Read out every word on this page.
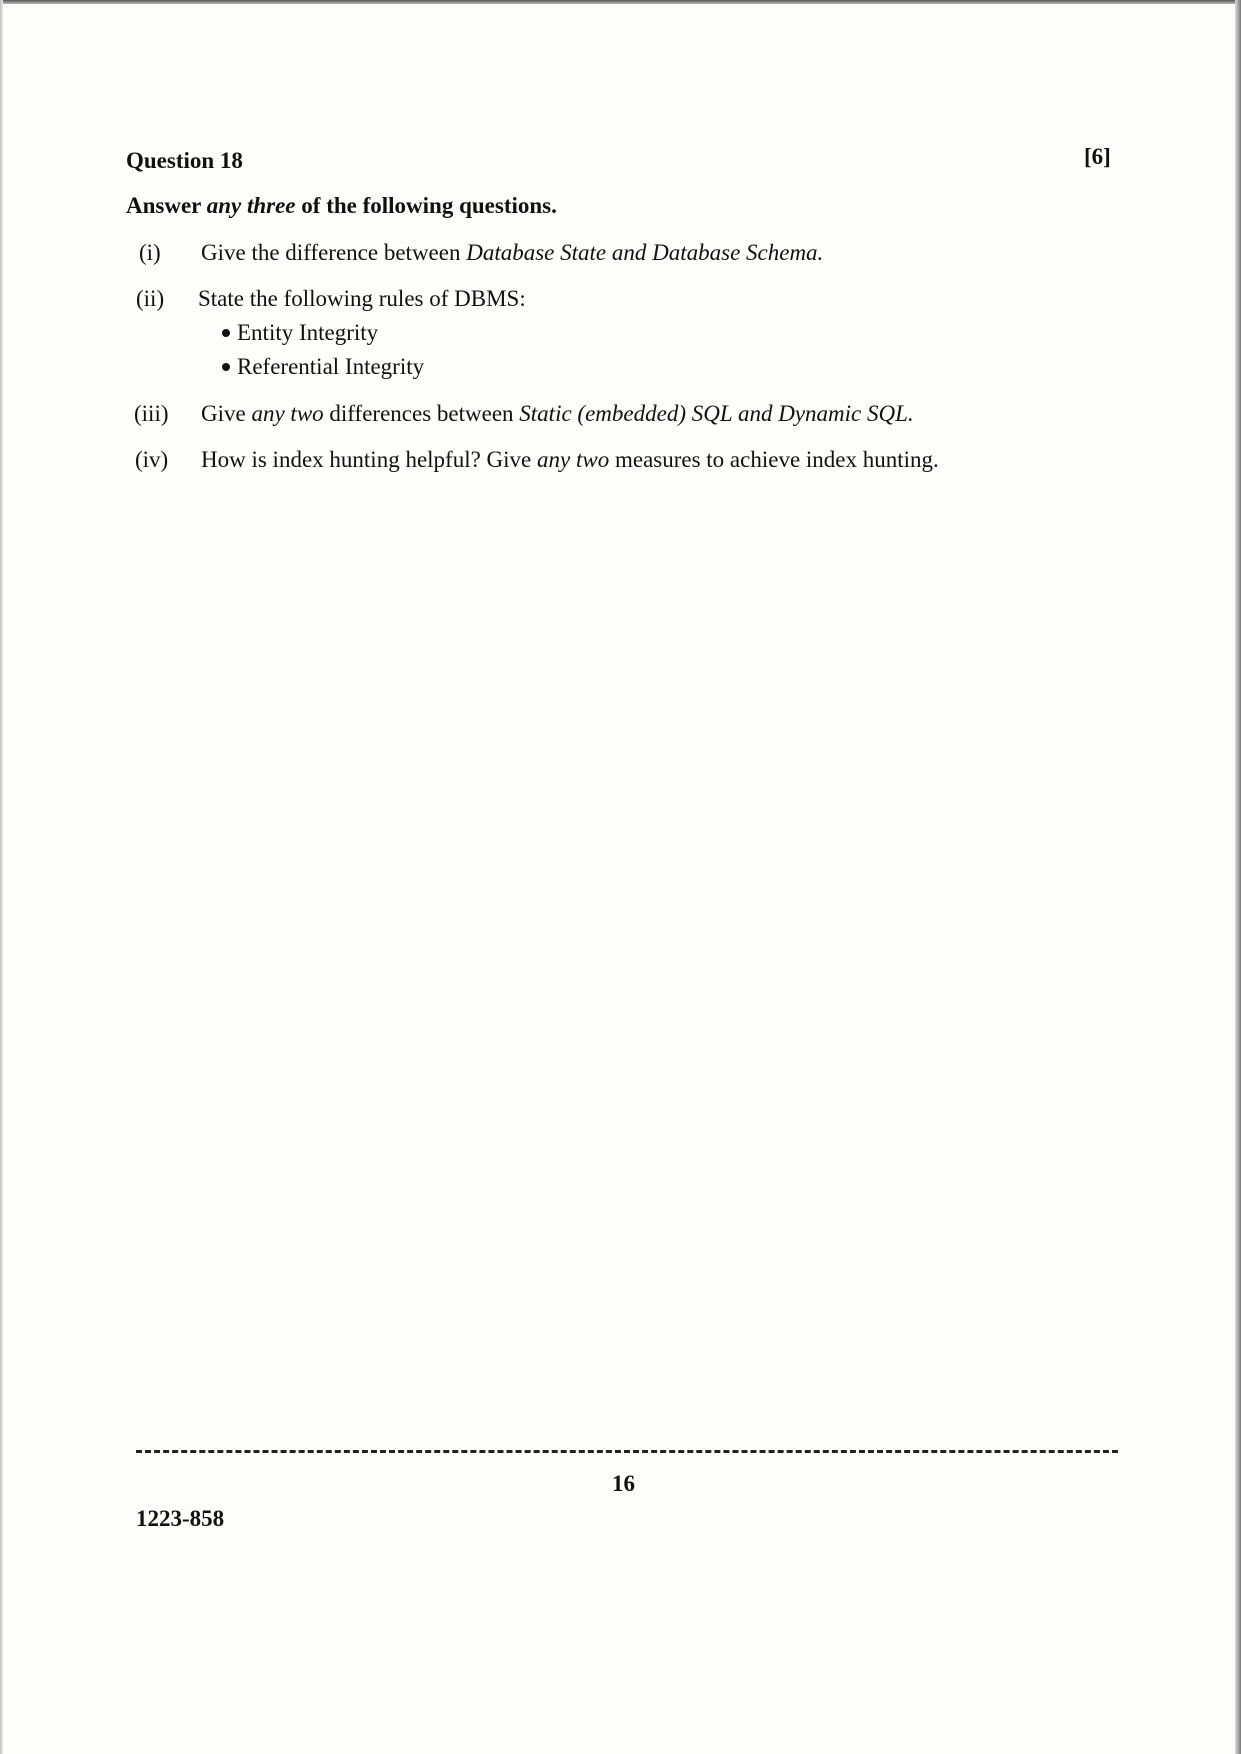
Question 18	[6]
Answer any three of the following questions.
(i) Give the difference between Database State and Database Schema.
(ii) State the following rules of DBMS:
Entity Integrity
Referential Integrity
(iii) Give any two differences between Static (embedded) SQL and Dynamic SQL.
(iv) How is index hunting helpful? Give any two measures to achieve index hunting.
16
1223-858
